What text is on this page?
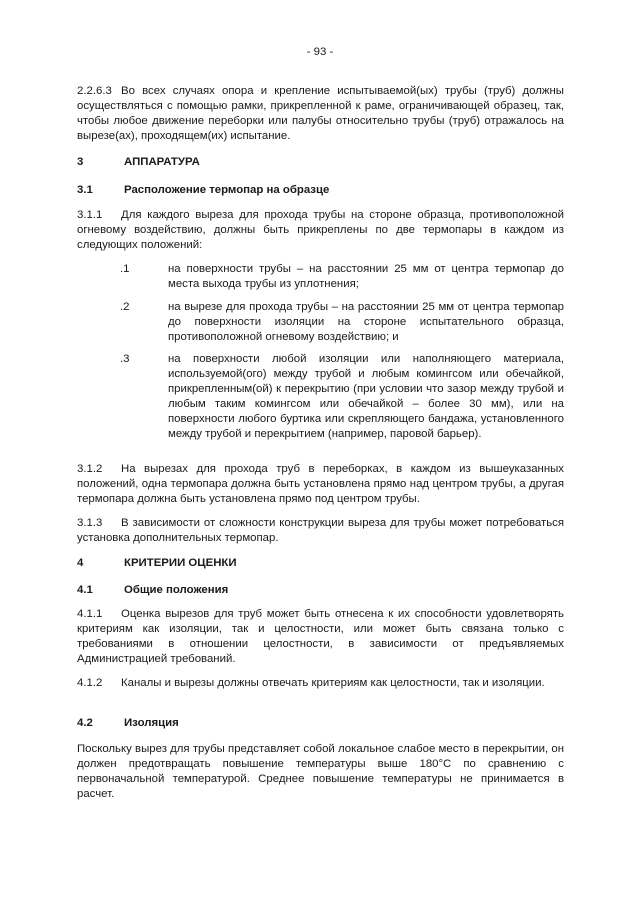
- 93 -
2.2.6.3 Во всех случаях опора и крепление испытываемой(ых) трубы (труб) должны осуществляться с помощью рамки, прикрепленной к раме, ограничивающей образец, так, чтобы любое движение переборки или палубы относительно трубы (труб) отражалось на вырезе(ах), проходящем(их) испытание.
3	АППАРАТУРА
3.1	Расположение термопар на образце
3.1.1 Для каждого выреза для прохода трубы на стороне образца, противоположной огневому воздействию, должны быть прикреплены по две термопары в каждом из следующих положений:
.1	на поверхности трубы – на расстоянии 25 мм от центра термопар до места выхода трубы из уплотнения;
.2	на вырезе для прохода трубы – на расстоянии 25 мм от центра термопар до поверхности изоляции на стороне испытательного образца, противоположной огневому воздействию; и
.3	на поверхности любой изоляции или наполняющего материала, используемой(ого) между трубой и любым комингсом или обечайкой, прикрепленным(ой) к перекрытию (при условии что зазор между трубой и любым таким комингсом или обечайкой – более 30 мм), или на поверхности любого буртика или скрепляющего бандажа, установленного между трубой и перекрытием (например, паровой барьер).
3.1.2 На вырезах для прохода труб в переборках, в каждом из вышеуказанных положений, одна термопара должна быть установлена прямо над центром трубы, а другая термопара должна быть установлена прямо под центром трубы.
3.1.3 В зависимости от сложности конструкции выреза для трубы может потребоваться установка дополнительных термопар.
4	КРИТЕРИИ ОЦЕНКИ
4.1	Общие положения
4.1.1 Оценка вырезов для труб может быть отнесена к их способности удовлетворять критериям как изоляции, так и целостности, или может быть связана только с требованиями в отношении целостности, в зависимости от предъявляемых Администрацией требований.
4.1.2 Каналы и вырезы должны отвечать критериям как целостности, так и изоляции.
4.2	Изоляция
Поскольку вырез для трубы представляет собой локальное слабое место в перекрытии, он должен предотвращать повышение температуры выше 180°C по сравнению с первоначальной температурой. Среднее повышение температуры не принимается в расчет.
